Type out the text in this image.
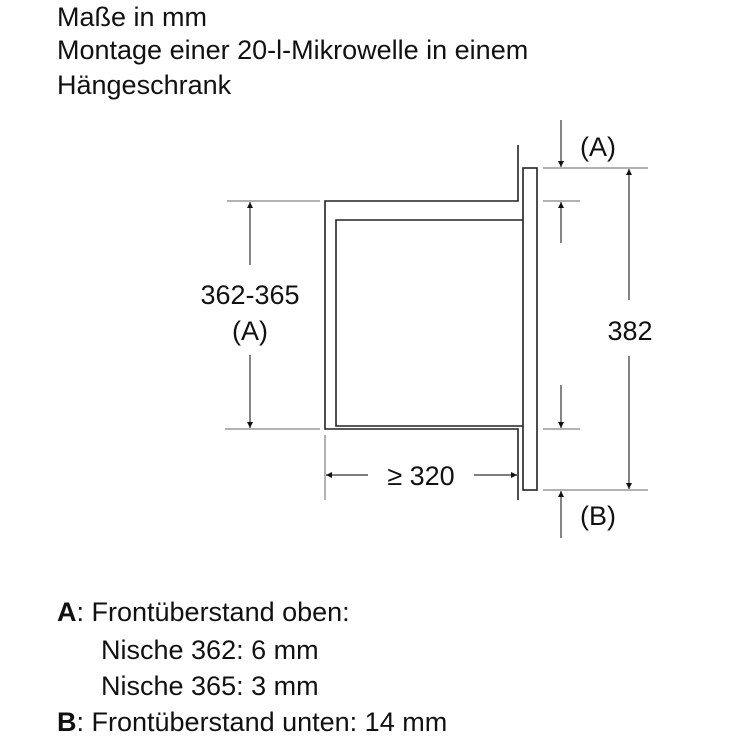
Maße in mm
Montage einer 20-l-Mikrowelle in einem
Hängeschrank
362-365
(A)	382
≥ 320
(A)
(B)
A: Frontüberstand oben:
Nische 362: 6 mm
Nische 365: 3 mm
B: Frontüberstand unten: 14 mm
